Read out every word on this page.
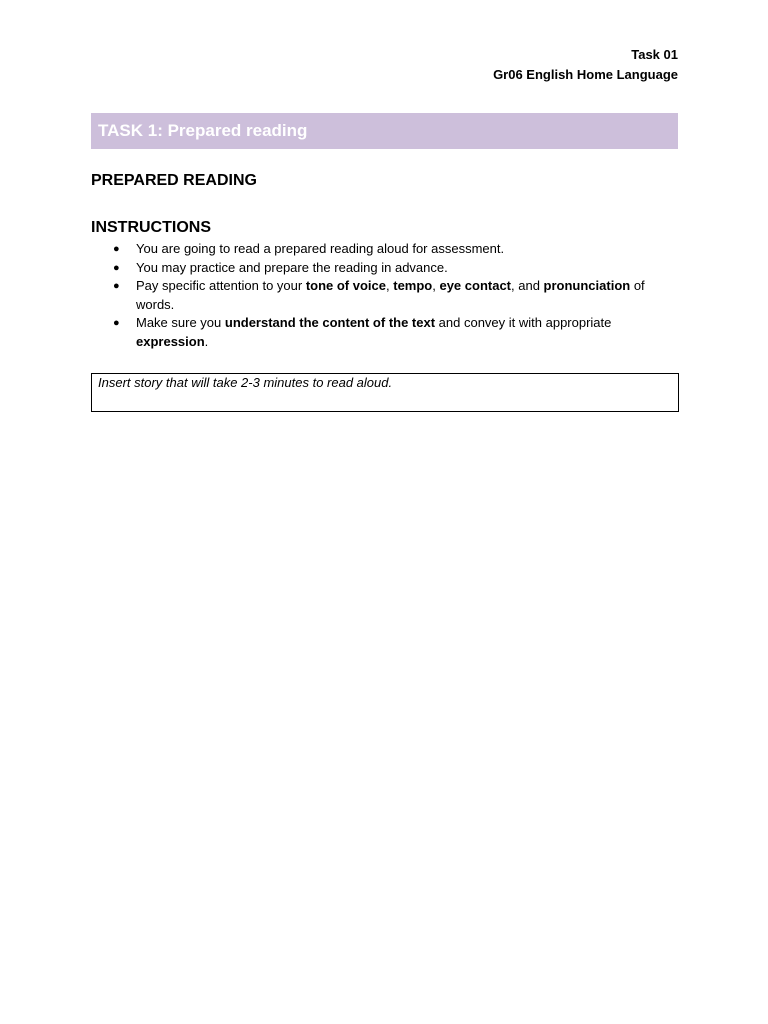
Task 01
Gr06 English Home Language
TASK 1: Prepared reading
PREPARED READING
INSTRUCTIONS
● You are going to read a prepared reading aloud for assessment.
● You may practice and prepare the reading in advance.
● Pay specific attention to your tone of voice, tempo, eye contact, and pronunciation of words.
● Make sure you understand the content of the text and convey it with appropriate expression.
Insert story that will take 2-3 minutes to read aloud.
